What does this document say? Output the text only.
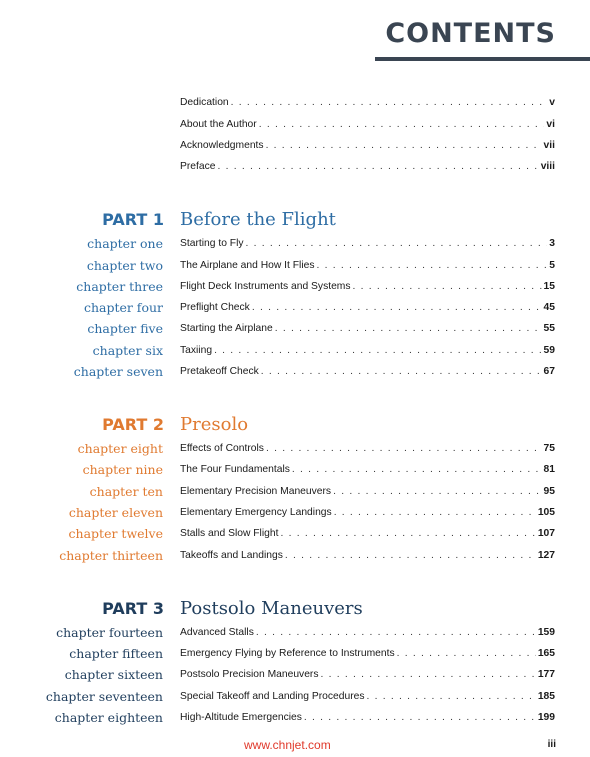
CONTENTS
Dedication . . .	v
About the Author . . .	vi
Acknowledgments . . .	vii
Preface . . .	viii
PART 1 Before the Flight
chapter one Starting to Fly . . .	3
chapter two The Airplane and How It Flies . . .	5
chapter three Flight Deck Instruments and Systems . . .	15
chapter four Preflight Check . . .	45
chapter five Starting the Airplane . . .	55
chapter six Taxiing . . .	59
chapter seven Pretakeoff Check . . .	67
PART 2 Presolo
chapter eight Effects of Controls . . .	75
chapter nine The Four Fundamentals . . .	81
chapter ten Elementary Precision Maneuvers . . .	95
chapter eleven Elementary Emergency Landings . . .	105
chapter twelve Stalls and Slow Flight . . .	107
chapter thirteen Takeoffs and Landings . . .	127
PART 3 Postsolo Maneuvers
chapter fourteen Advanced Stalls . . .	159
chapter fifteen Emergency Flying by Reference to Instruments . . .	165
chapter sixteen Postsolo Precision Maneuvers . . .	177
chapter seventeen Special Takeoff and Landing Procedures . . .	185
chapter eighteen High-Altitude Emergencies . . .	199
www.chnjet.com	iii
